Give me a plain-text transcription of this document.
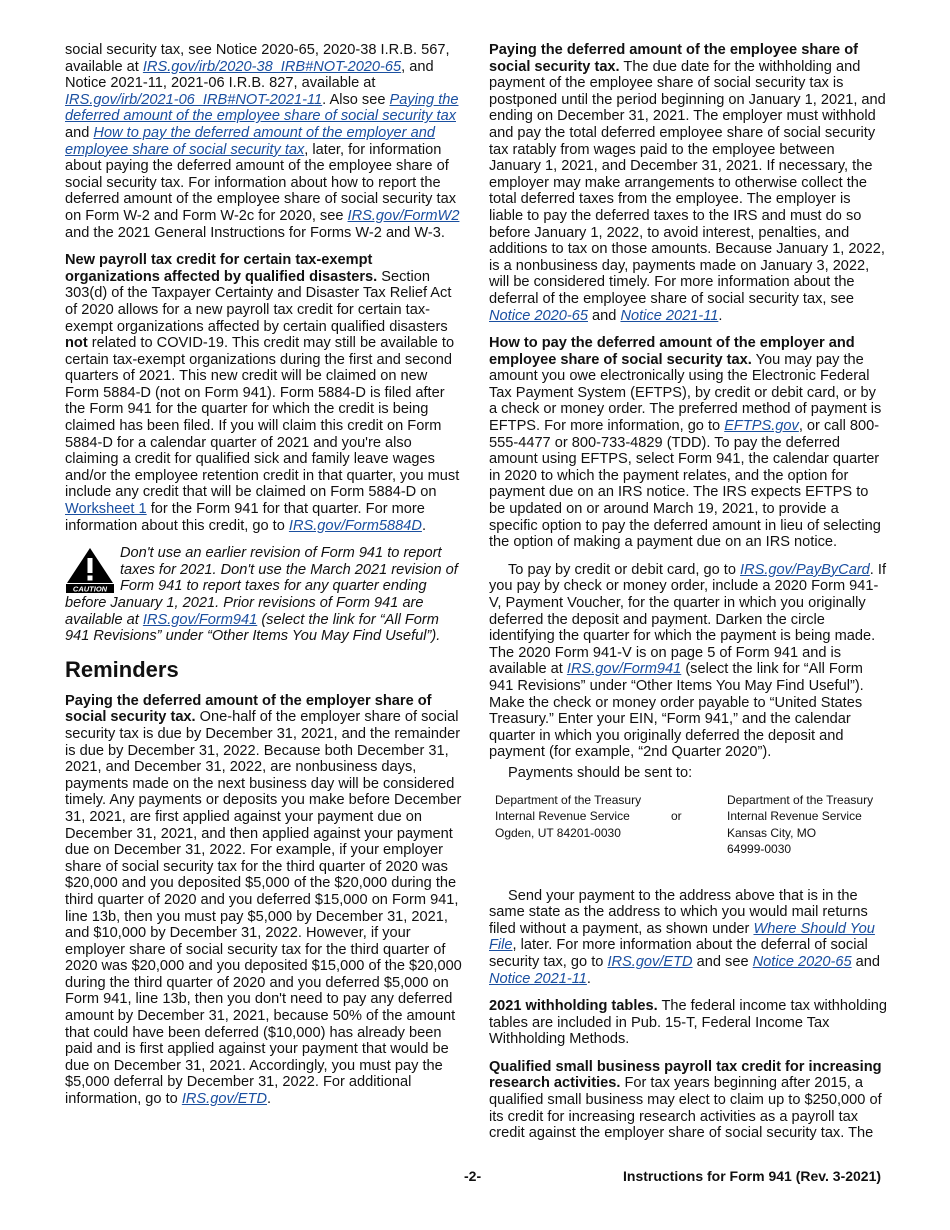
social security tax, see Notice 2020-65, 2020-38 I.R.B. 567, available at IRS.gov/irb/2020-38_IRB#NOT-2020-65, and Notice 2021-11, 2021-06 I.R.B. 827, available at IRS.gov/irb/2021-06_IRB#NOT-2021-11. Also see Paying the deferred amount of the employee share of social security tax and How to pay the deferred amount of the employer and employee share of social security tax, later, for information about paying the deferred amount of the employee share of social security tax. For information about how to report the deferred amount of the employee share of social security tax on Form W-2 and Form W-2c for 2020, see IRS.gov/FormW2 and the 2021 General Instructions for Forms W-2 and W-3.

New payroll tax credit for certain tax-exempt organizations affected by qualified disasters. Section 303(d) of the Taxpayer Certainty and Disaster Tax Relief Act of 2020 allows for a new payroll tax credit for certain tax-exempt organizations affected by certain qualified disasters not related to COVID-19. This credit may still be available to certain tax-exempt organizations during the first and second quarters of 2021. This new credit will be claimed on new Form 5884-D (not on Form 941). Form 5884-D is filed after the Form 941 for the quarter for which the credit is being claimed has been filed. If you will claim this credit on Form 5884-D for a calendar quarter of 2021 and you're also claiming a credit for qualified sick and family leave wages and/or the employee retention credit in that quarter, you must include any credit that will be claimed on Form 5884-D on Worksheet 1 for the Form 941 for that quarter. For more information about this credit, go to IRS.gov/Form5884D.

CAUTION
Don't use an earlier revision of Form 941 to report taxes for 2021. Don't use the March 2021 revision of Form 941 to report taxes for any quarter ending before January 1, 2021. Prior revisions of Form 941 are available at IRS.gov/Form941 (select the link for “All Form 941 Revisions” under “Other Items You May Find Useful”).
Reminders

Paying the deferred amount of the employer share of social security tax. One-half of the employer share of social security tax is due by December 31, 2021, and the remainder is due by December 31, 2022. Because both December 31, 2021, and December 31, 2022, are nonbusiness days, payments made on the next business day will be considered timely. Any payments or deposits you make before December 31, 2021, are first applied against your payment due on December 31, 2021, and then applied against your payment due on December 31, 2022. For example, if your employer share of social security tax for the third quarter of 2020 was $20,000 and you deposited $5,000 of the $20,000 during the third quarter of 2020 and you deferred $15,000 on Form 941, line 13b, then you must pay $5,000 by December 31, 2021, and $10,000 by December 31, 2022. However, if your employer share of social security tax for the third quarter of 2020 was $20,000 and you deposited $15,000 of the $20,000 during the third quarter of 2020 and you deferred $5,000 on Form 941, line 13b, then you don't need to pay any deferred amount by December 31, 2021, because 50% of the amount that could have been deferred ($10,000) has already been paid and is first applied against your payment that would be due on December 31, 2021. Accordingly, you must pay the $5,000 deferral by December 31, 2022. For additional information, go to IRS.gov/ETD.

Paying the deferred amount of the employee share of social security tax. The due date for the withholding and payment of the employee share of social security tax is postponed until the period beginning on January 1, 2021, and ending on December 31, 2021. The employer must withhold and pay the total deferred employee share of social security tax ratably from wages paid to the employee between January 1, 2021, and December 31, 2021. If necessary, the employer may make arrangements to otherwise collect the total deferred taxes from the employee. The employer is liable to pay the deferred taxes to the IRS and must do so before January 1, 2022, to avoid interest, penalties, and additions to tax on those amounts. Because January 1, 2022, is a nonbusiness day, payments made on January 3, 2022, will be considered timely. For more information about the deferral of the employee share of social security tax, see Notice 2020-65 and Notice 2021-11.

How to pay the deferred amount of the employer and employee share of social security tax. You may pay the amount you owe electronically using the Electronic Federal Tax Payment System (EFTPS), by credit or debit card, or by a check or money order. The preferred method of payment is EFTPS. For more information, go to EFTPS.gov, or call 800-555-4477 or 800-733-4829 (TDD). To pay the deferred amount using EFTPS, select Form 941, the calendar quarter in 2020 to which the payment relates, and the option for payment due on an IRS notice. The IRS expects EFTPS to be updated on or around March 19, 2021, to provide a specific option to pay the deferred amount in lieu of selecting the option of making a payment due on an IRS notice.

To pay by credit or debit card, go to IRS.gov/PayByCard. If you pay by check or money order, include a 2020 Form 941-V, Payment Voucher, for the quarter in which you originally deferred the deposit and payment. Darken the circle identifying the quarter for which the payment is being made. The 2020 Form 941-V is on page 5 of Form 941 and is available at IRS.gov/Form941 (select the link for “All Form 941 Revisions” under “Other Items You May Find Useful”). Make the check or money order payable to “United States Treasury.” Enter your EIN, “Form 941,” and the calendar quarter in which you originally deferred the deposit and payment (for example, “2nd Quarter 2020”).

Payments should be sent to:

Department of the Treasury
Internal Revenue Service
Ogden, UT 84201-0030
or
Department of the Treasury
Internal Revenue Service
Kansas City, MO
64999-0030

Send your payment to the address above that is in the same state as the address to which you would mail returns filed without a payment, as shown under Where Should You File, later. For more information about the deferral of social security tax, go to IRS.gov/ETD and see Notice 2020-65 and Notice 2021-11.

2021 withholding tables. The federal income tax withholding tables are included in Pub. 15-T, Federal Income Tax Withholding Methods.

Qualified small business payroll tax credit for increasing research activities. For tax years beginning after 2015, a qualified small business may elect to claim up to $250,000 of its credit for increasing research activities as a payroll tax credit against the employer share of social security tax. The

-2-	Instructions for Form 941 (Rev. 3-2021)
